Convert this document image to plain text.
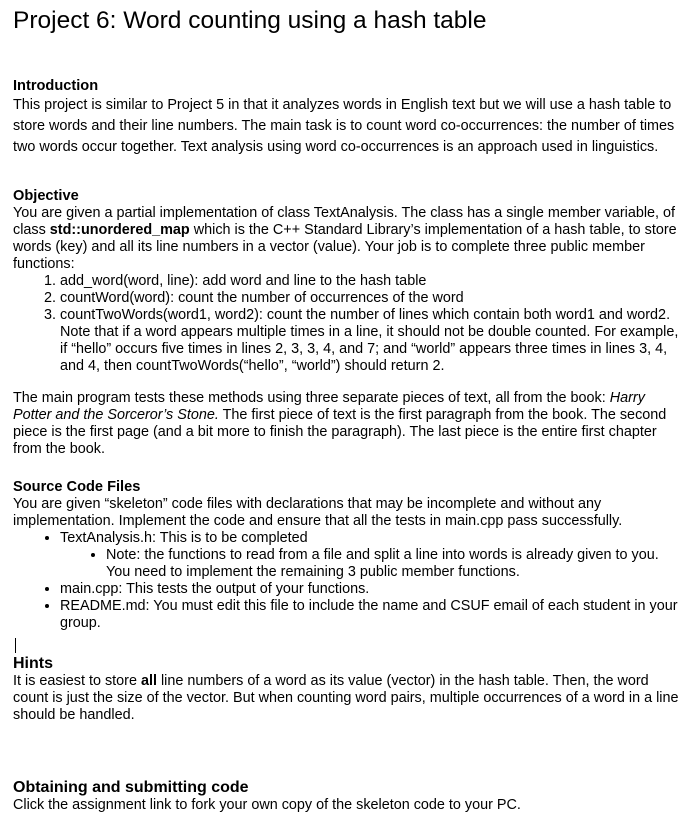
Project 6: Word counting using a hash table
Introduction

This project is similar to Project 5 in that it analyzes words in English text but we will use a hash table to store words and their line numbers. The main task is to count word co-occurrences: the number of times two words occur together. Text analysis using word co-occurrences is an approach used in linguistics.

Objective

You are given a partial implementation of class TextAnalysis. The class has a single member variable, of class std::unordered_map which is the C++ Standard Library’s implementation of a hash table, to store words (key) and all its line numbers in a vector (value). Your job is to complete three public member functions:

1. add_word(word, line): add word and line to the hash table
2. countWord(word): count the number of occurrences of the word
3. countTwoWords(word1, word2): count the number of lines which contain both word1 and word2. Note that if a word appears multiple times in a line, it should not be double counted. For example, if “hello” occurs five times in lines 2, 3, 3, 4, and 7; and “world” appears three times in lines 3, 4, and 4, then countTwoWords(“hello”, “world”) should return 2.

The main program tests these methods using three separate pieces of text, all from the book: Harry Potter and the Sorceror’s Stone. The first piece of text is the first paragraph from the book. The second piece is the first page (and a bit more to finish the paragraph). The last piece is the entire first chapter from the book.

Source Code Files

You are given “skeleton” code files with declarations that may be incomplete and without any implementation. Implement the code and ensure that all the tests in main.cpp pass successfully.

• TextAnalysis.h: This is to be completed
• Note: the functions to read from a file and split a line into words is already given to you. You need to implement the remaining 3 public member functions.
• main.cpp: This tests the output of your functions.
• README.md: You must edit this file to include the name and CSUF email of each student in your group.
Hints

It is easiest to store all line numbers of a word as its value (vector) in the hash table. Then, the word count is just the size of the vector. But when counting word pairs, multiple occurrences of a word in a line should be handled.

Obtaining and submitting code

Click the assignment link to fork your own copy of the skeleton code to your PC.
